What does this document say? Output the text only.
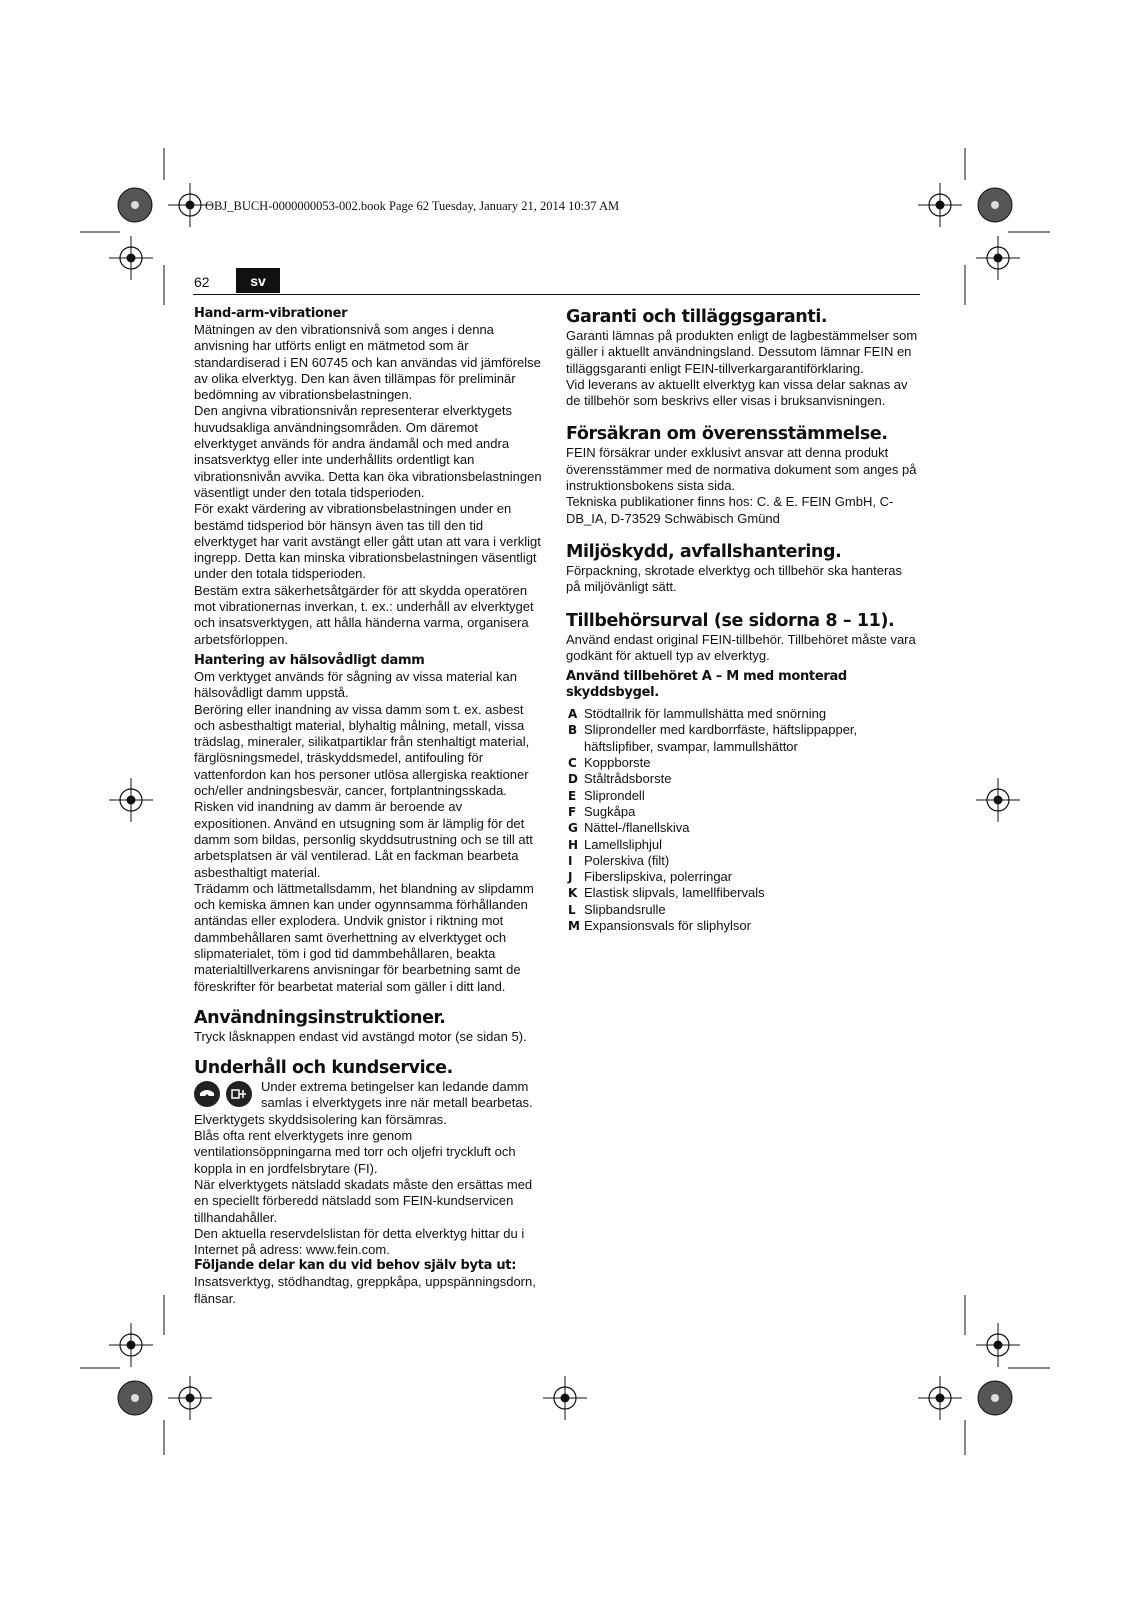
OBJ_BUCH-0000000053-002.book Page 62 Tuesday, January 21, 2014 10:37 AM
62	sv
Hand-arm-vibrationer

Mätningen av den vibrationsnivå som anges i denna anvisning har utförts enligt en mätmetod som är standardiserad i EN 60745 och kan användas vid jämförelse av olika elverktyg. Den kan även tillämpas för preliminär bedömning av vibrationsbelastningen.

Den angivna vibrationsnivån representerar elverktygets huvudsakliga användningsområden. Om däremot elverktyget används för andra ändamål och med andra insatsverktyg eller inte underhållits ordentligt kan vibrationsnivån avvika. Detta kan öka vibrationsbelastningen väsentligt under den totala tidsperioden.

För exakt värdering av vibrationsbelastningen under en bestämd tidsperiod bör hänsyn även tas till den tid elverktyget har varit avstängt eller gått utan att vara i verkligt ingrepp. Detta kan minska vibrationsbelastningen väsentligt under den totala tidsperioden.

Bestäm extra säkerhetsåtgärder för att skydda operatören mot vibrationernas inverkan, t. ex.: underhåll av elverktyget och insatsverktygen, att hålla händerna varma, organisera arbetsförloppen.

Hantering av hälsovådligt damm

Om verktyget används för sågning av vissa material kan hälsovådligt damm uppstå.

Beröring eller inandning av vissa damm som t. ex. asbest och asbesthaltigt material, blyhaltig målning, metall, vissa trädslag, mineraler, silikatpartiklar från stenhaltigt material, färglösningsmedel, träskyddsmedel, antifouling för vattenfordon kan hos personer utlösa allergiska reaktioner och/eller andningsbesvär, cancer, fortplantningsskada. Risken vid inandning av damm är beroende av expositionen. Använd en utsugning som är lämplig för det damm som bildas, personlig skyddsutrustning och se till att arbetsplatsen är väl ventilerad. Låt en fackman bearbeta asbesthaltigt material.

Trädamm och lättmetallsdamm, het blandning av slipdamm och kemiska ämnen kan under ogynnsamma förhållanden antändas eller explodera. Undvik gnistor i riktning mot dammbehållaren samt överhettning av elverktyget och slipmaterialet, töm i god tid dammbehållaren, beakta materialtillverkarens anvisningar för bearbetning samt de föreskrifter för bearbetat material som gäller i ditt land.

Användningsinstruktioner.

Tryck låsknappen endast vid avstängd motor (se sidan 5).

Underhåll och kundservice.

Under extrema betingelser kan ledande damm samlas i elverktygets inre när metall bearbetas. Elverktygets skyddsisolering kan försämras.

Blås ofta rent elverktygets inre genom ventilationsöppningarna med torr och oljefri tryckluft och koppla in en jordfelsbrytare (FI).

När elverktygets nätsladd skadats måste den ersättas med en speciellt förberedd nätsladd som FEIN-kundservicen tillhandahåller.

Den aktuella reservdelslistan för detta elverktyg hittar du i Internet på adress: www.fein.com.

Följande delar kan du vid behov själv byta ut:

Insatsverktyg, stödhandtag, greppkåpa, uppspänningsdorn, flänsar.

Garanti och tilläggsgaranti.

Garanti lämnas på produkten enligt de lagbestämmelser som gäller i aktuellt användningsland. Dessutom lämnar FEIN en tilläggsgaranti enligt FEIN-tillverkargarantiförklaring.

Vid leverans av aktuellt elverktyg kan vissa delar saknas av de tillbehör som beskrivs eller visas i bruksanvisningen.

Försäkran om överensstämmelse.

FEIN försäkrar under exklusivt ansvar att denna produkt överensstämmer med de normativa dokument som anges på instruktionsbokens sista sida.

Tekniska publikationer finns hos: C. & E. FEIN GmbH, C-DB_IA, D-73529 Schwäbisch Gmünd

Miljöskydd, avfallshantering.

Förpackning, skrotade elverktyg och tillbehör ska hanteras på miljövänligt sätt.

Tillbehörsurval (se sidorna 8 – 11).

Använd endast original FEIN-tillbehör. Tillbehöret måste vara godkänt för aktuell typ av elverktyg.

Använd tillbehöret A – M med monterad skyddsbygel.
A Stödtallrik för lammullshätta med snörning
B Sliprondeller med kardborrfäste, häftslippapper, häftslipfiber, svampar, lammullshättor
C Koppborste
D Ståltrådsborste
E Sliprondell
F Sugkåpa
G Nättel-/flanellskiva
H Lamellsliphjul
I Polerskiva (filt)
J Fiberslipskiva, polerringar
K Elastisk slipvals, lamellfibervals
L Slipbandsrulle
M Expansionsvals för sliphylsor
